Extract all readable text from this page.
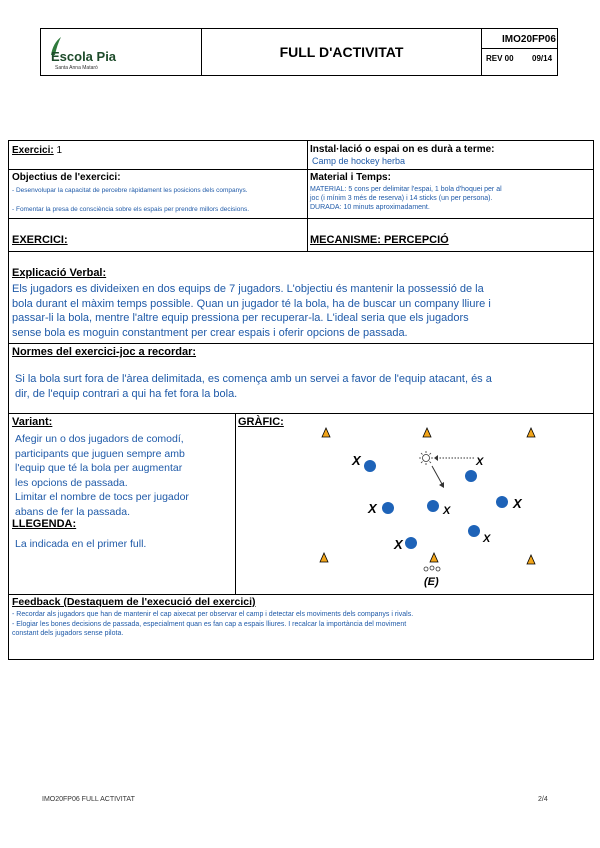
Escola Pia
Santa Anna Mataró
FULL D'ACTIVITAT
IMO20FP06
REV 00 09/14
Exercici: 1	Instal·lació o espai on es durà a terme:
Camp de hockey herba
Objectius de l'exercici:
- Desenvolupar la capacitat de percebre ràpidament les posicions dels companys.
- Fomentar la presa de consciència sobre els espais per prendre millors decisions.
Material i Temps:
MATERIAL: 5 cons per delimitar l'espai, 1 bola d'hoquei per al
joc (i mínim 3 més de reserva) i 14 sticks (un per persona).
DURADA: 10 minuts aproximadament.
EXERCICI:	MECANISME: PERCEPCIÓ
Explicació Verbal:
Els jugadors es divideixen en dos equips de 7 jugadors. L'objectiu és mantenir la possessió de la
bola durant el màxim temps possible. Quan un jugador té la bola, ha de buscar un company lliure i
passar-li la bola, mentre l'altre equip pressiona per recuperar-la. L'ideal seria que els jugadors
sense bola es moguin constantment per crear espais i oferir opcions de passada.
Normes del exercici-joc a recordar:
Si la bola surt fora de l'àrea delimitada, es comença amb un servei a favor de l'equip atacant, és a
dir, de l'equip contrari a qui ha fet fora la bola.
Variant:
Afegir un o dos jugadors de comodí,
participants que juguen sempre amb
l'equip que té la bola per augmentar
les opcions de passada.
Limitar el nombre de tocs per jugador
abans de fer la passada.
LLEGENDA:
La indicada en el primer full.
GRÀFIC:
X	X
X	X	X
X
X
(E)
Feedback (Destaquem de l'execució del exercici)
- Recordar als jugadors que han de mantenir el cap aixecat per observar el camp i detectar els moviments dels companys i rivals.
- Elogiar les bones decisions de passada, especialment quan es fan cap a espais lliures. I recalcar la importància del moviment
constant dels jugadors sense pilota.
IMO20FP06 FULL ACTIVITAT	2/4
